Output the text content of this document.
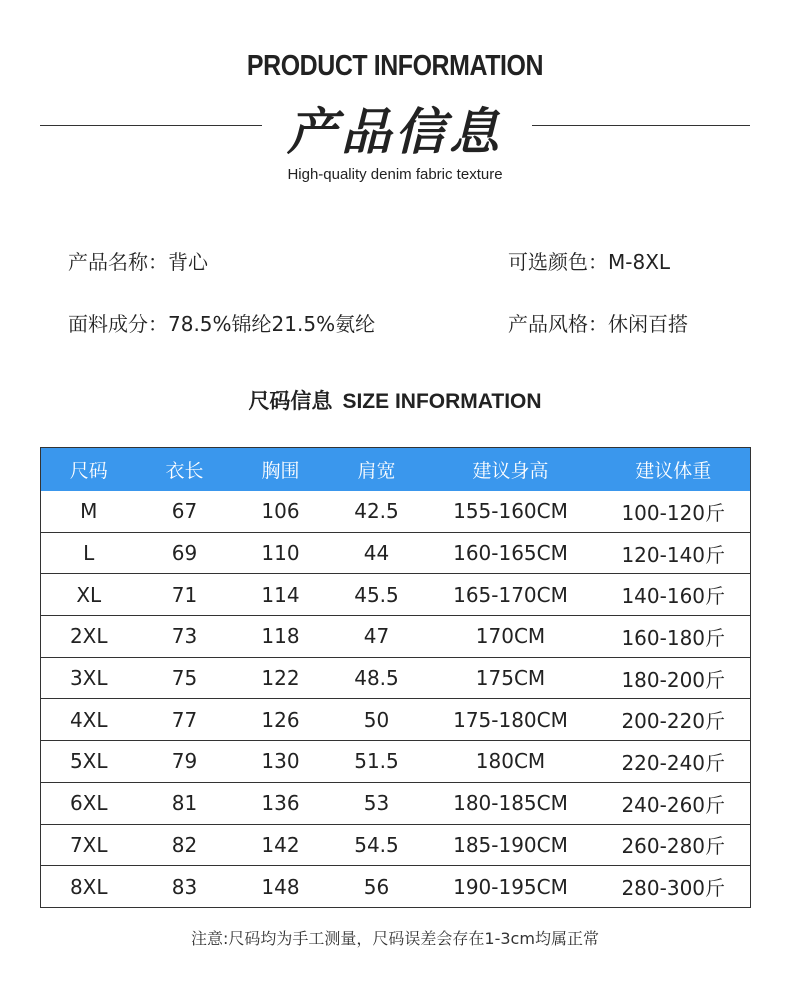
PRODUCT INFORMATION
产品信息
High-quality denim fabric texture
产品名称：背心	可选颜色：M-8XL
面料成分：78.5%锦纶21.5%氨纶	产品风格：休闲百搭
尺码信息 SIZE INFORMATION
尺码	衣长	胸围	肩宽	建议身高	建议体重
M	67	106	42.5	155-160CM	100-120斤
L	69	110	44	160-165CM	120-140斤
XL	71	114	45.5	165-170CM	140-160斤
2XL	73	118	47	170CM	160-180斤
3XL	75	122	48.5	175CM	180-200斤
4XL	77	126	50	175-180CM	200-220斤
5XL	79	130	51.5	180CM	220-240斤
6XL	81	136	53	180-185CM	240-260斤
7XL	82	142	54.5	185-190CM	260-280斤
8XL	83	148	56	190-195CM	280-300斤
注意:尺码均为手工测量，尺码误差会存在1-3cm均属正常
